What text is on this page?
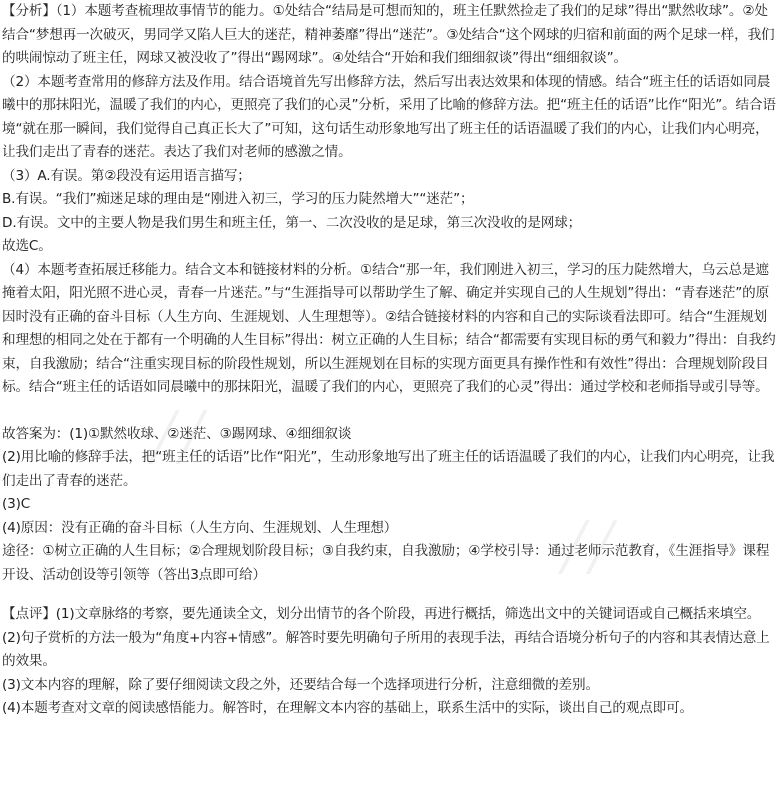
╱╱
╱╱

【分析】（1）本题考查梳理故事情节的能力。①处结合“结局是可想而知的，班主任默然捡走了我们的足球”得出“默然收球”。②处结合“梦想再一次破灭，男同学又陷人巨大的迷茫，精神萎靡”得出“迷茫”。③处结合“这个网球的归宿和前面的两个足球一样，我们的哄闹惊动了班主任，网球又被没收了”得出“踢网球”。④处结合“开始和我们细细叙谈”得出“细细叙谈”。

（2）本题考查常用的修辞方法及作用。结合语境首先写出修辞方法，然后写出表达效果和体现的情感。结合“班主任的话语如同晨曦中的那抹阳光，温暖了我们的内心，更照亮了我们的心灵”分析，采用了比喻的修辞方法。把“班主任的话语”比作“阳光”。结合语境“就在那一瞬间，我们觉得自己真正长大了”可知，这句话生动形象地写出了班主任的话语温暖了我们的内心，让我们内心明亮，让我们走出了青春的迷茫。表达了我们对老师的感激之情。

（3）A.有误。第②段没有运用语言描写；

B.有误。“我们”痴迷足球的理由是“刚进入初三，学习的压力陡然增大”“迷茫”；

D.有误。文中的主要人物是我们男生和班主任，第一、二次没收的是足球，第三次没收的是网球；

故选C。

（4）本题考查拓展迁移能力。结合文本和链接材料的分析。①结合“那一年，我们刚进入初三，学习的压力陡然增大，乌云总是遮掩着太阳，阳光照不进心灵，青春一片迷茫。”与“生涯指导可以帮助学生了解、确定并实现自己的人生规划”得出：“青春迷茫”的原因时没有正确的奋斗目标（人生方向、生涯规划、人生理想等）。②结合链接材料的内容和自己的实际谈看法即可。结合“生涯规划和理想的相同之处在于都有一个明确的人生目标”得出：树立正确的人生目标；结合“都需要有实现目标的勇气和毅力”得出：自我约束，自我激励；结合“注重实现目标的阶段性规划，所以生涯规划在目标的实现方面更具有操作性和有效性”得出：合理规划阶段目标。结合“班主任的话语如同晨曦中的那抹阳光，温暖了我们的内心，更照亮了我们的心灵”得出：通过学校和老师指导或引导等。

故答案为：(1)①默然收球、②迷茫、③踢网球、④细细叙谈

(2)用比喻的修辞手法，把“班主任的话语”比作“阳光”，生动形象地写出了班主任的话语温暖了我们的内心，让我们内心明亮，让我们走出了青春的迷茫。

(3)C

(4)原因：没有正确的奋斗目标（人生方向、生涯规划、人生理想）

途径：①树立正确的人生目标；②合理规划阶段目标；③自我约束，自我激励；④学校引导：通过老师示范教育，《生涯指导》课程开设、活动创设等引领等（答出3点即可给）

【点评】(1)文章脉络的考察，要先通读全文，划分出情节的各个阶段，再进行概括，筛选出文中的关键词语或自己概括来填空。

(2)句子赏析的方法一般为“角度+内容+情感”。解答时要先明确句子所用的表现手法，再结合语境分析句子的内容和其表情达意上的效果。

(3)文本内容的理解，除了要仔细阅读文段之外，还要结合每一个选择项进行分析，注意细微的差别。

(4)本题考查对文章的阅读感悟能力。解答时，在理解文本内容的基础上，联系生活中的实际，谈出自己的观点即可。
